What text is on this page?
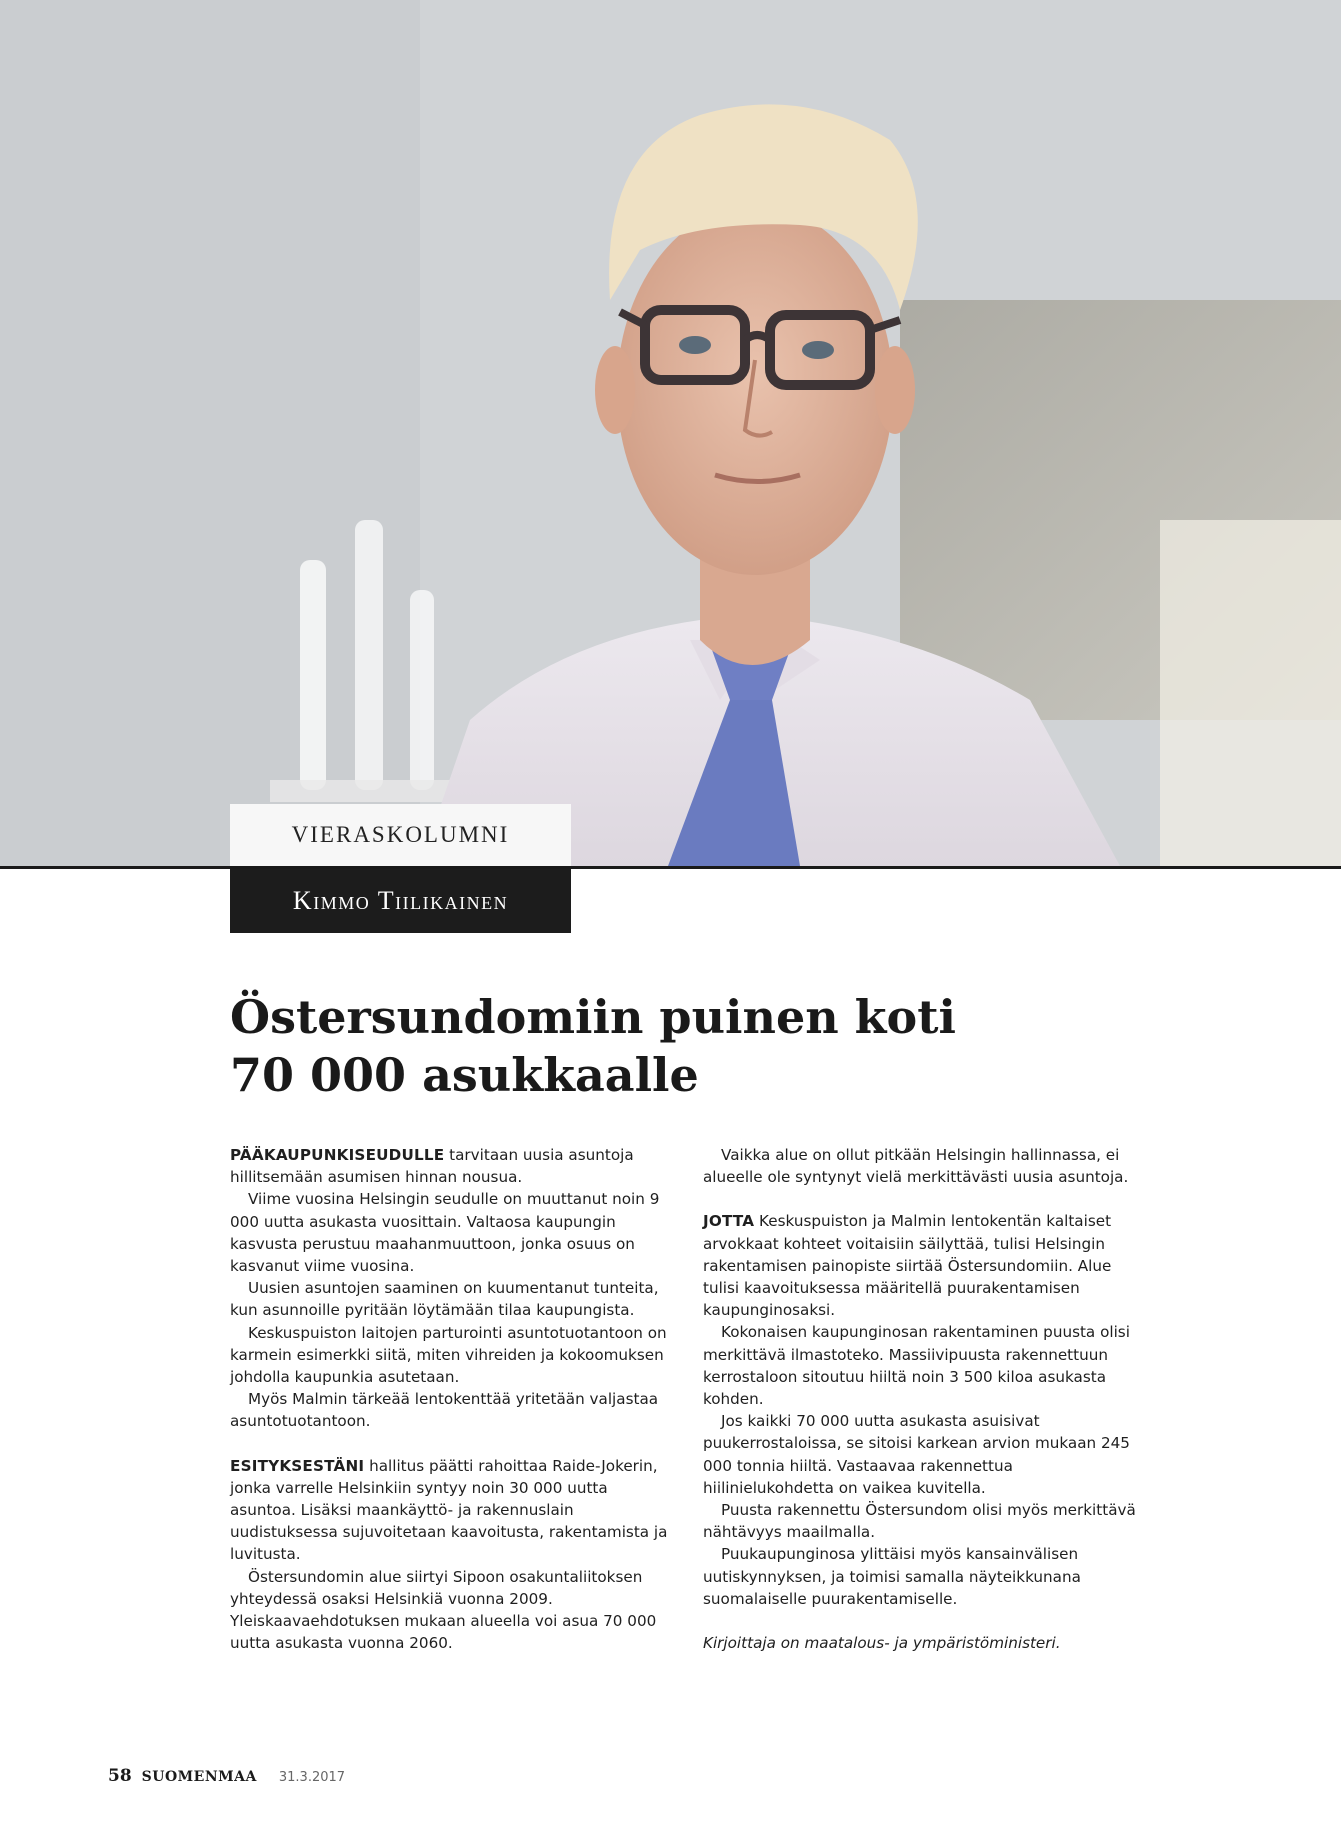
VIERASKOLUMNI
Kimmo Tiilikainen
Östersundomiin puinen koti
70 000 asukkaalle

PÄÄKAUPUNKISEUDULLE tarvitaan uusia asuntoja hillitsemään asumisen hinnan nousua.

Viime vuosina Helsingin seudulle on muuttanut noin 9 000 uutta asukasta vuosittain. Valtaosa kaupungin kasvusta perustuu maahanmuuttoon, jonka osuus on kasvanut viime vuosina.

Uusien asuntojen saaminen on kuumentanut tunteita, kun asunnoille pyritään löytämään tilaa kaupungista.

Keskuspuiston laitojen parturointi asuntotuotantoon on karmein esimerkki siitä, miten vihreiden ja kokoomuksen johdolla kaupunkia asutetaan.

Myös Malmin tärkeää lentokenttää yritetään valjastaa asuntotuotantoon.

ESITYKSESTÄNI hallitus päätti rahoittaa Raide-Jokerin, jonka varrelle Helsinkiin syntyy noin 30 000 uutta asuntoa. Lisäksi maankäyttö- ja rakennuslain uudistuksessa sujuvoitetaan kaavoitusta, rakentamista ja luvitusta.

Östersundomin alue siirtyi Sipoon osakuntaliitoksen yhteydessä osaksi Helsinkiä vuonna 2009. Yleiskaavaehdotuksen mukaan alueella voi asua 70 000 uutta asukasta vuonna 2060.

Vaikka alue on ollut pitkään Helsingin hallinnassa, ei alueelle ole syntynyt vielä merkittävästi uusia asuntoja.

JOTTA Keskuspuiston ja Malmin lentokentän kaltaiset arvokkaat kohteet voitaisiin säilyttää, tulisi Helsingin rakentamisen painopiste siirtää Östersundomiin. Alue tulisi kaavoituksessa määritellä puurakentamisen kaupunginosaksi.

Kokonaisen kaupunginosan rakentaminen puusta olisi merkittävä ilmastoteko. Massiivipuusta rakennettuun kerrostaloon sitoutuu hiiltä noin 3 500 kiloa asukasta kohden.

Jos kaikki 70 000 uutta asukasta asuisivat puukerrostaloissa, se sitoisi karkean arvion mukaan 245 000 tonnia hiiltä. Vastaavaa rakennettua hiilinielukohdetta on vaikea kuvitella.

Puusta rakennettu Östersundom olisi myös merkittävä nähtävyys maailmalla.

Puukaupunginosa ylittäisi myös kansainvälisen uutiskynnyksen, ja toimisi samalla näyteikkunana suomalaiselle puurakentamiselle.

Kirjoittaja on maatalous- ja ympäristöministeri.

58 SUOMENMAA 31.3.2017
